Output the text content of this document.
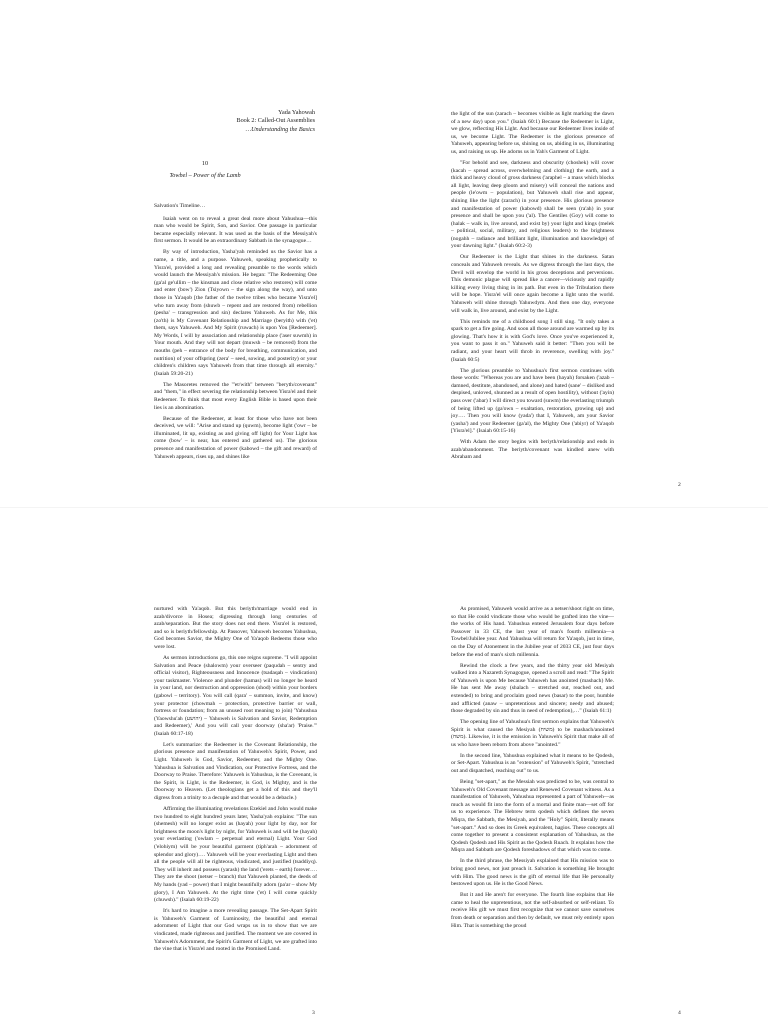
Yada Yahowah
Book 2: Called-Out Assemblies
…Understanding the Basics
10
Towbel – Power of the Lamb

Salvation's Timeline…

Isaiah went on to reveal a great deal more about Yahushua—this man who would be Spirit, Son, and Savior. One passage in particular became especially relevant. It was used as the basis of the Messiyah's first sermon. It would be an extraordinary Sabbath in the synagogue…

By way of introduction, Yasha'yah reminded us the Savior has a name, a title, and a purpose. Yahuweh, speaking prophetically to Yisra'el, provided a long and revealing preamble to the words which would launch the Messiyah's mission. He began: "The Redeeming One (ga'al ge'ullim – the kinsman and close relative who restores) will come and enter (bow') Zion (Tsiyown – the sign along the way), and unto those in Ya'aqob [the father of the twelve tribes who became Yisra'el] who turn away from (shuwb – repent and are restored from) rebellion (pesha' – transgression and sin) declares Yahuweh. As for Me, this (zo'th) is My Covenant Relationship and Marriage (beryith) with ('et) them, says Yahuweh. And My Spirit (ruwach) is upon You [Redeemer]. My Words, I will by association and relationship place ('aser suwmh) in Your mouth. And they will not depart (muwsh – be removed) from the mouths (peh – entrance of the body for breathing, communication, and nutrition) of your offspring (zera' – seed, sowing, and posterity) or your children's children says Yahuweh from that time through all eternity." (Isaiah 59:20-21)

The Masoretes removed the "'et/with" between "beryth/covenant" and "them," in effect severing the relationship between Yisra'el and their Redeemer. To think that most every English Bible is based upon their lies is an abomination.

Because of the Redeemer, at least for those who have not been deceived, we will: "Arise and stand up (quwm), become light ('owr – be illuminated, lit up, existing as and giving off light) for Your Light has come (bow' – is near, has entered and gathered us). The glorious presence and manifestation of power (kabowd – the gift and reward) of Yahuweh appears, rises up, and shines like

the light of the sun (zarach – becomes visible as light marking the dawn of a new day) upon you." (Isaiah 60:1) Because the Redeemer is Light, we glow, reflecting His Light. And because our Redeemer lives inside of us, we become Light. The Redeemer is the glorious presence of Yahuweh, appearing before us, shining on us, abiding in us, illuminating us, and raising us up. He adorns us in Yah's Garment of Light.

"For behold and see, darkness and obscurity (choshek) will cover (kacah – spread across, overwhelming and clothing) the earth, and a thick and heavy cloud of gross darkness ('araphel – a mass which blocks all light, leaving deep gloom and misery) will conceal the nations and people (le'owm – population), but Yahuweh shall rise and appear, shining like the light (zarach) in your presence. His glorious presence and manifestation of power (kabowd) shall be seen (ra'ah) in your presence and shall be upon you ('al). The Gentiles (Goy) will come to (halak – walk in, live around, and exist by) your light and kings (melek – political, social, military, and religious leaders) to the brightness (nogahh – radiance and brilliant light, illumination and knowledge) of your dawning light." (Isaiah 60:2-3)

Our Redeemer is the Light that shines in the darkness. Satan conceals and Yahuweh reveals. As we digress through the last days, the Devil will envelop the world in his gross deceptions and perversions. This demonic plague will spread like a cancer—viciously and rapidly killing every living thing in its path. But even in the Tribulation there will be hope. Yisra'el will once again become a light unto the world. Yahuweh will shine through Yahuwdym. And then one day, everyone will walk in, live around, and exist by the Light.

This reminds me of a childhood song I still sing. "It only takes a spark to get a fire going. And soon all those around are warmed up by its glowing. That's how it is with God's love. Once you've experienced it, you want to pass it on." Yahuweh said it better: "Then you will be radiant, and your heart will throb in reverence, swelling with joy." (Isaiah 60:5)

The glorious preamble to Yahushua's first sermon continues with these words: "Whereas you are and have been (hayah) forsaken ('azab – damned, destitute, abandoned, and alone) and hated (sane' – disliked and despised, unloved, shunned as a result of open hostility), without ('ayin) pass over ('abar) I will direct you toward (suwm) the everlasting triumph of being lifted up (ga'own – exaltation, restoration, growing up) and joy…. Then you will know (yada') that I, Yahuweh, am your Savior (yasha') and your Redeemer (ga'al), the Mighty One ('abiyr) of Ya'aqob [Yisra'el]." (Isaiah 60:15-16)

With Adam the story begins with beriyth/relationship and ends in azab/abandonment. The beriyth/covenant was kindled anew with Abraham and

2

nurtured with Ya'aqob. But this beriyth/marriage would end in azab/divorce in Hosea; digressing through long centuries of azab/separation. But the story does not end there. Yisra'el is restored, and so is beriyth/fellowship. At Passover, Yahuweh becomes Yahushua, God becomes Savior, the Mighty One of Ya'aqob Redeems those who were lost.

As sermon introductions go, this one reigns supreme. "I will appoint Salvation and Peace (shalowm) your overseer (paqudah – sentry and official visitor), Righteousness and Innocence (tsadaqah – vindication) your taskmaster. Violence and plunder (hamas) will no longer be heard in your land, nor destruction and oppression (shod) within your borders (gabowl – territory). You will call (qara' – summon, invite, and know) your protector (chowmah – protection, protective barrier or wall, fortress or foundation; from an unused root meaning to join) 'Yahushua (Yaowshu'ah (יהושע) – Yahuweh is Salvation and Savior, Redemption and Redeemer),' And you will call your doorway (sha'ar) 'Praise.'" (Isaiah 60:17-18)

Let's summarize: the Redeemer is the Covenant Relationship, the glorious presence and manifestation of Yahuweh's Spirit, Power, and Light. Yahuweh is God, Savior, Redeemer, and the Mighty One. Yahushua is Salvation and Vindication, our Protective Fortress, and the Doorway to Praise. Therefore: Yahuweh is Yahushua, is the Covenant, is the Spirit, is Light, is the Redeemer, is God, is Mighty, and is the Doorway to Heaven. (Let theologians get a hold of this and they'll digress from a trinity to a decuple and that would be a debacle.)

Affirming the illuminating revelations Ezekiel and John would make two hundred to eight hundred years later, Yasha'yah explains: "The sun (shemesh) will no longer exist as (hayah) your light by day, nor for brightness the moon's light by night, for Yahuweh is and will be (hayah) your everlasting ('owlam – perpetual and eternal) Light. Your God ('elohiym) will be your beautiful garment (tiph'arah – adornment of splendor and glory)…. Yahuweh will be your everlasting Light and then all the people will all be righteous, vindicated, and justified (tsaddiyq). They will inherit and possess (yarash) the land ('erets – earth) forever…. They are the shoot (netser – branch) that Yahuweh planted, the deeds of My hands (yad – power) that I might beautifully adorn (pa'ar – show My glory), I Am Yahuweh. At the right time ('et) I will come quickly (chuwsh)." (Isaiah 60:19-22)

It's hard to imagine a more revealing passage. The Set-Apart Spirit is Yahuweh's Garment of Luminosity, the beautiful and eternal adornment of Light that our God wraps us in to show that we are vindicated, made righteous and justified. The moment we are covered in Yahuweh's Adornment, the Spirit's Garment of Light, we are grafted into the vine that is Yisra'el and rooted in the Promised Land.

3

As promised, Yahuweh would arrive as a netser/shoot right on time, so that He could vindicate those who would be grafted into the vine—the works of His hand. Yahushua entered Jerusalem four days before Passover in 33 CE, the last year of man's fourth millennia—a Towbel/Jubilee year. And Yahushua will return for Ya'aqob, just in time, on the Day of Atonement in the Jubilee year of 2033 CE, just four days before the end of man's sixth millennia.

Rewind the clock a few years, and the thirty year old Mesiyah walked into a Nazareth Synagogue, opened a scroll and read: "The Spirit of Yahuweh is upon Me because Yahuweh has anointed (mashach) Me. He has sent Me away (shalach – stretched out, reached out, and extended) to bring and proclaim good news (basar) to the poor, humble and afflicted (anaw – unpretentious and sincere; needy and abused; those degraded by sin and thus in need of redemption),…" (Isaiah 61:1)

The opening line of Yahushua's first sermon explains that Yahuweh's Spirit is what caused the Mesiyah (משיח) to be mashach/anointed (משח). Likewise, it is the emission in Yahuweh's Spirit that make all of us who have been reborn from above "anointed."

In the second line, Yahushua explained what it means to be Qodesh, or Set-Apart. Yahushua is an "extension" of Yahuweh's Spirit, "stretched out and dispatched, reaching out" to us.

Being "set-apart," as the Messiah was predicted to be, was central to Yahuweh's Old Covenant message and Renewed Covenant witness. As a manifestation of Yahuweh, Yahushua represented a part of Yahuweh—as much as would fit into the form of a mortal and finite man—set off for us to experience. The Hebrew term qodesh which defines the seven Miqra, the Sabbath, the Mesiyah, and the "Holy" Spirit, literally means "set-apart." And so does its Greek equivalent, hagios. These concepts all come together to present a consistent explanation of Yahushua, as the Qodesh Qodesh and His Spirit as the Qodesh Ruach. It explains how the Miqra and Sabbath are Qodesh foreshadows of that which was to come.

In the third phrase, the Messiyah explained that His mission was to bring good news, not just preach it. Salvation is something He brought with Him. The good news is the gift of eternal life that He personally bestowed upon us. He is the Good News.

But it and He aren't for everyone. The fourth line explains that He came to heal the unpretentious, not the self-absorbed or self-reliant. To receive His gift we must first recognize that we cannot save ourselves from death or separation and then by default, we must rely entirely upon Him. That is something the proud

4
